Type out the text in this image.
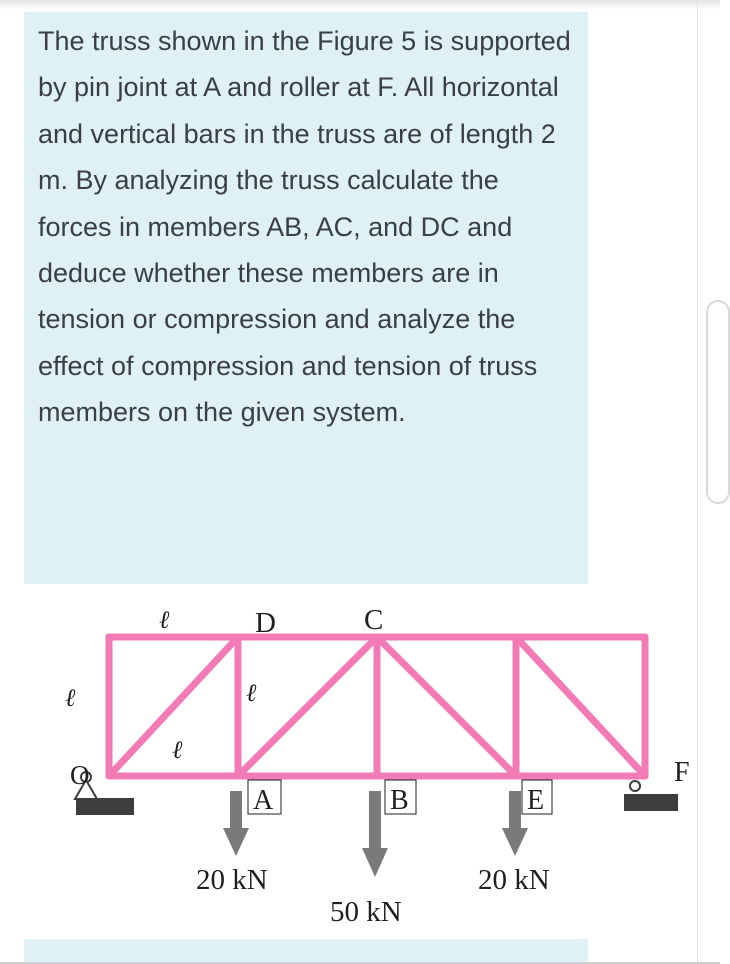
The truss shown in the Figure 5 is supported by pin joint at A and roller at F. All horizontal and vertical bars in the truss are of length 2 m. By analyzing the truss calculate the forces in members AB, AC, and DC and deduce whether these members are in tension or compression and analyze the effect of compression and tension of truss members on the given system.

D	C
A	B	E
F
O
ℓ
ℓ	ℓ
ℓ
20 kN
50 kN
20 kN
